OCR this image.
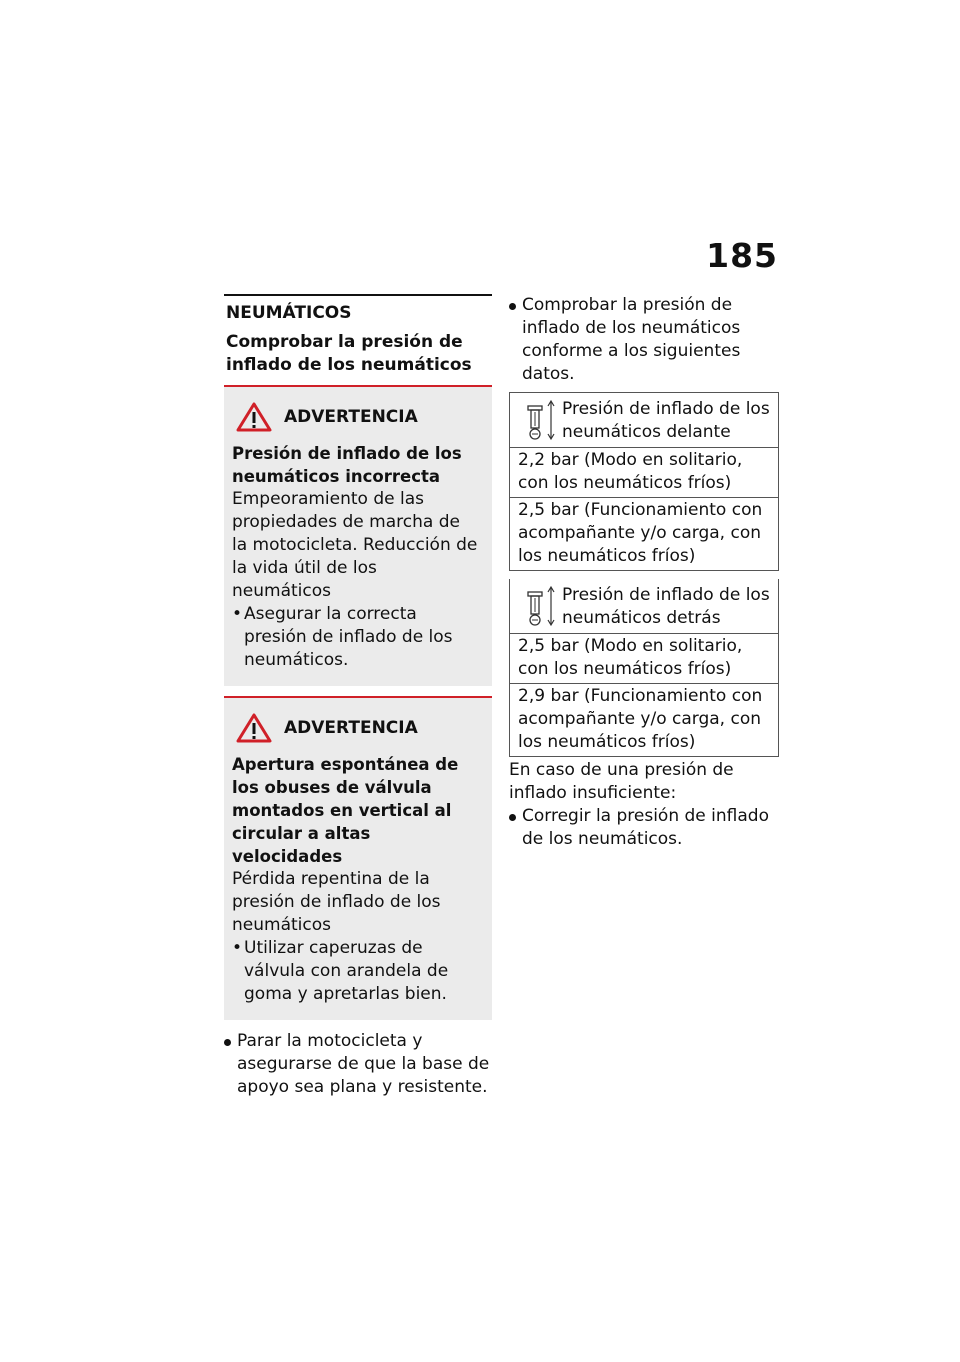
185
NEUMÁTICOS
Comprobar la presión de inflado de los neumáticos
ADVERTENCIA
Presión de inflado de los neumáticos incorrecta
Empeoramiento de las propiedades de marcha de la motocicleta. Reducción de la vida útil de los neumáticos
• Asegurar la correcta presión de inflado de los neumáticos.
ADVERTENCIA
Apertura espontánea de los obuses de válvula montados en vertical al circular a altas velocidades
Pérdida repentina de la presión de inflado de los neumáticos
• Utilizar caperuzas de válvula con arandela de goma y apretarlas bien.
Parar la motocicleta y asegurarse de que la base de apoyo sea plana y resistente.
Comprobar la presión de inflado de los neumáticos conforme a los siguientes datos.
Presión de inflado de los neumáticos delante
2,2 bar (Modo en solitario, con los neumáticos fríos)
2,5 bar (Funcionamiento con acompañante y/o carga, con los neumáticos fríos)
Presión de inflado de los neumáticos detrás
2,5 bar (Modo en solitario, con los neumáticos fríos)
2,9 bar (Funcionamiento con acompañante y/o carga, con los neumáticos fríos)
En caso de una presión de inflado insuficiente:
Corregir la presión de inflado de los neumáticos.
